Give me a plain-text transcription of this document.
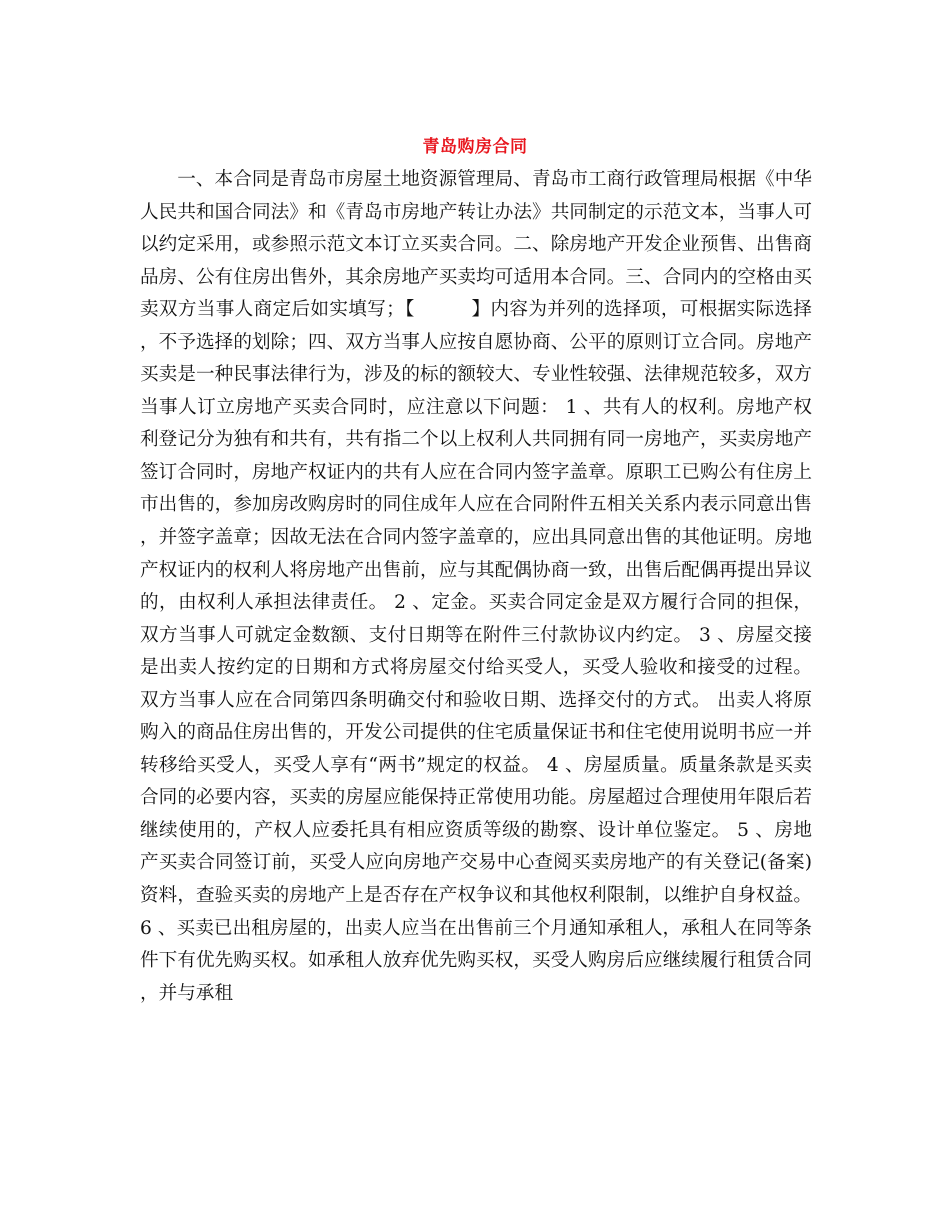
青岛购房合同

一、本合同是青岛市房屋土地资源管理局、青岛市工商行政管理局根据《中华人民共和国合同法》和《青岛市房地产转让办法》共同制定的示范文本，当事人可以约定采用，或参照示范文本订立买卖合同。二、除房地产开发企业预售、出售商品房、公有住房出售外，其余房地产买卖均可适用本合同。三、合同内的空格由买卖双方当事人商定后如实填写；【　　　】内容为并列的选择项，可根据实际选择，不予选择的划除；四、双方当事人应按自愿协商、公平的原则订立合同。房地产买卖是一种民事法律行为，涉及的标的额较大、专业性较强、法律规范较多，双方当事人订立房地产买卖合同时，应注意以下问题： 1 、共有人的权利。房地产权利登记分为独有和共有，共有指二个以上权利人共同拥有同一房地产，买卖房地产签订合同时，房地产权证内的共有人应在合同内签字盖章。原职工已购公有住房上市出售的，参加房改购房时的同住成年人应在合同附件五相关关系内表示同意出售，并签字盖章；因故无法在合同内签字盖章的，应出具同意出售的其他证明。房地产权证内的权利人将房地产出售前，应与其配偶协商一致，出售后配偶再提出异议的，由权利人承担法律责任。 2 、定金。买卖合同定金是双方履行合同的担保，双方当事人可就定金数额、支付日期等在附件三付款协议内约定。 3 、房屋交接是出卖人按约定的日期和方式将房屋交付给买受人，买受人验收和接受的过程。 双方当事人应在合同第四条明确交付和验收日期、选择交付的方式。 出卖人将原购入的商品住房出售的，开发公司提供的住宅质量保证书和住宅使用说明书应一并转移给买受人，买受人享有“两书”规定的权益。 4 、房屋质量。质量条款是买卖合同的必要内容，买卖的房屋应能保持正常使用功能。房屋超过合理使用年限后若继续使用的，产权人应委托具有相应资质等级的勘察、设计单位鉴定。 5 、房地产买卖合同签订前，买受人应向房地产交易中心查阅买卖房地产的有关登记(备案)资料，查验买卖的房地产上是否存在产权争议和其他权利限制，以维护自身权益。 6 、买卖已出租房屋的，出卖人应当在出售前三个月通知承租人，承租人在同等条件下有优先购买权。如承租人放弃优先购买权，买受人购房后应继续履行租赁合同，并与承租
